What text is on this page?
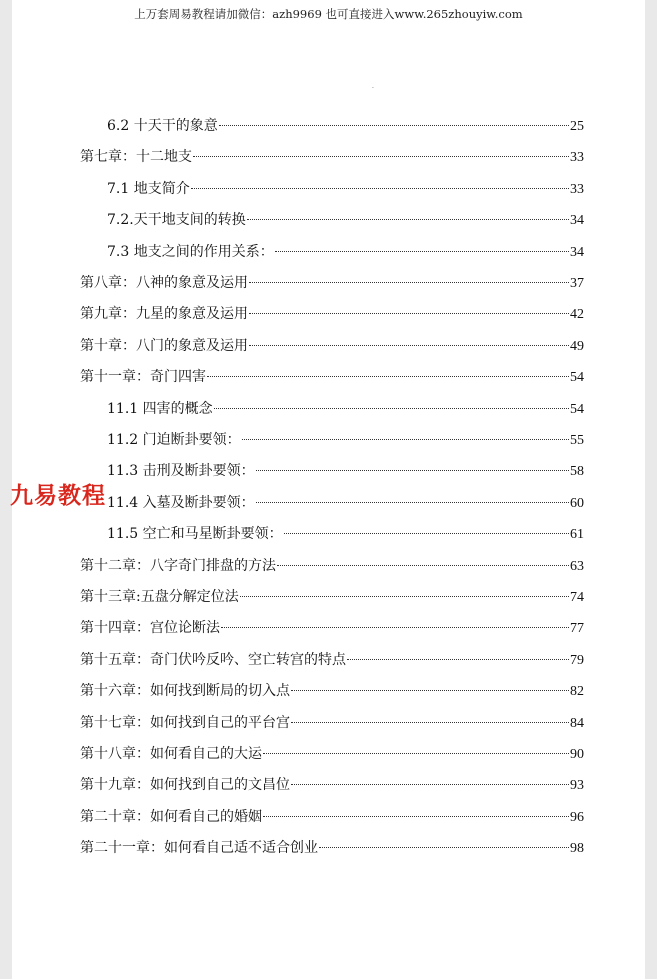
上万套周易教程请加微信：azh9969 也可直接进入www.265zhouyiw.com
·
6.2 十天干的象意	25
第七章：十二地支	33
7.1 地支简介	33
7.2.天干地支间的转换	34
7.3 地支之间的作用关系：	34
第八章：八神的象意及运用	37
第九章：九星的象意及运用	42
第十章：八门的象意及运用	49
第十一章：奇门四害	54
11.1 四害的概念	54
11.2 门迫断卦要领：	55
11.3 击刑及断卦要领：	58
11.4 入墓及断卦要领：	60
11.5 空亡和马星断卦要领：	61
第十二章：八字奇门排盘的方法	63
第十三章:五盘分解定位法	74
第十四章：宫位论断法	77
第十五章：奇门伏吟反吟、空亡转宫的特点	79
第十六章：如何找到断局的切入点	82
第十七章：如何找到自己的平台宫	84
第十八章：如何看自己的大运	90
第十九章：如何找到自己的文昌位	93
第二十章：如何看自己的婚姻	96
第二十一章：如何看自己适不适合创业	98
九易教程
